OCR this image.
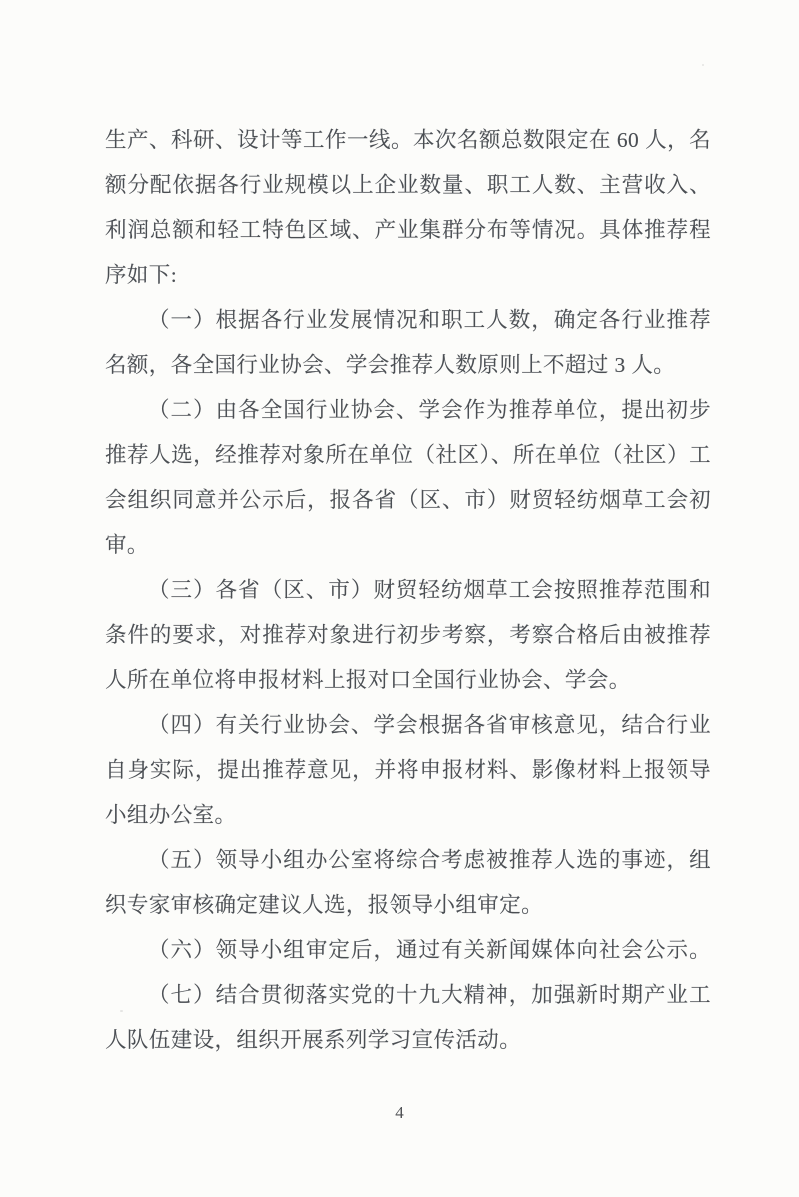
生产、科研、设计等工作一线。本次名额总数限定在 60 人，名额分配依据各行业规模以上企业数量、职工人数、主营收入、利润总额和轻工特色区域、产业集群分布等情况。具体推荐程序如下:

（一）根据各行业发展情况和职工人数，确定各行业推荐名额，各全国行业协会、学会推荐人数原则上不超过 3 人。

（二）由各全国行业协会、学会作为推荐单位，提出初步推荐人选，经推荐对象所在单位（社区）、所在单位（社区）工会组织同意并公示后，报各省（区、市）财贸轻纺烟草工会初审。

（三）各省（区、市）财贸轻纺烟草工会按照推荐范围和条件的要求，对推荐对象进行初步考察，考察合格后由被推荐人所在单位将申报材料上报对口全国行业协会、学会。

（四）有关行业协会、学会根据各省审核意见，结合行业自身实际，提出推荐意见，并将申报材料、影像材料上报领导小组办公室。

（五）领导小组办公室将综合考虑被推荐人选的事迹，组织专家审核确定建议人选，报领导小组审定。

（六）领导小组审定后，通过有关新闻媒体向社会公示。

（七）结合贯彻落实党的十九大精神，加强新时期产业工人队伍建设，组织开展系列学习宣传活动。

4
